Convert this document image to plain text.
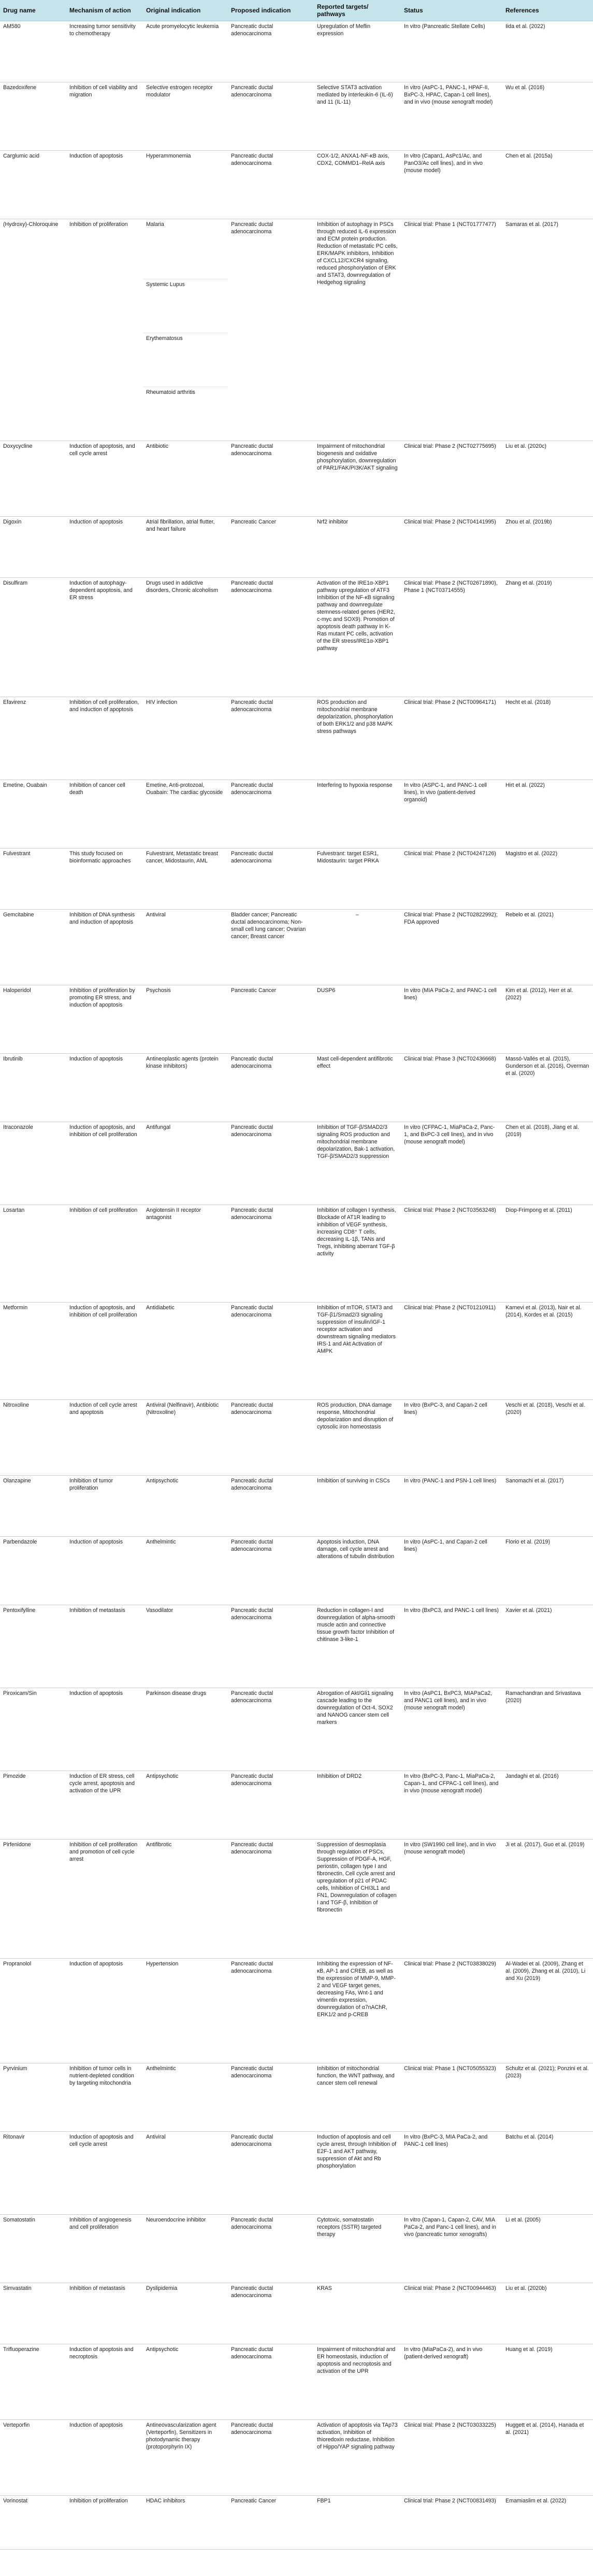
Drug name	Mechanism of action	Original indication	Proposed indication	Reported targets/ pathways	Status	References
AM580	Increasing tumor sensitivity to chemotherapy	Acute promyelocytic leukemia	Pancreatic ductal adenocarcinoma	Upregulation of Meflin expression	In vitro (Pancreatic Stellate Cells)	Iida et al. (2022)
Bazedoxifene	Inhibition of cell viability and migration	Selective estrogen receptor modulator	Pancreatic ductal adenocarcinoma	Selective STAT3 activation mediated by interleukin-6 (IL-6) and 11 (IL-11)	In vitro (AsPC-1, PANC-1, HPAF-II, BxPC-3, HPAC, Capan-1 cell lines), and in vivo (mouse xenograft model)	Wu et al. (2016)
Carglumic acid	Induction of apoptosis	Hyperammonemia	Pancreatic ductal adenocarcinoma	COX-1/2, ANXA1-NF-κB axis, CDX2, COMMD1–RelA axis	In vitro (Capan1, AsPc1/Ac, and PanO3/Ac cell lines), and in vivo (mouse model)	Chen et al. (2015a)
(Hydroxy)-Chloroquine	Inhibition of proliferation	Malaria	Pancreatic ductal adenocarcinoma	Inhibition of autophagy in PSCs through reduced IL-6 expression and ECM protein production. Reduction of metastatic PC cells, ERK/MAPK inhibitors, Inhibition of CXCL12/CXCR4 signaling, reduced phosphorylation of ERK and STAT3, downregulation of Hedgehog signaling	Clinical trial: Phase 1 (NCT01777477)	Samaras et al. (2017)
		Systemic Lupus				
		Erythematosus				
		Rheumatoid arthritis				
Doxycycline	Induction of apoptosis, and cell cycle arrest	Antibiotic	Pancreatic ductal adenocarcinoma	Impairment of mitochondrial biogenesis and oxidative phosphorylation, downregulation of PAR1/FAK/PI3K/AKT signaling	Clinical trial: Phase 2 (NCT02775695)	Liu et al. (2020c)
Digoxin	Induction of apoptosis	Atrial fibrillation, atrial flutter, and heart failure	Pancreatic Cancer	Nrf2 inhibitor	Clinical trial: Phase 2 (NCT04141995)	Zhou et al. (2019b)
Disulfiram	Induction of autophagy-dependent apoptosis, and ER stress	Drugs used in addictive disorders, Chronic alcoholism	Pancreatic ductal adenocarcinoma	Activation of the IRE1α-XBP1 pathway upregulation of ATF3 Inhibition of the NF-κB signaling pathway and downregulate stemness-related genes (HER2, c-myc and SOX9). Promotion of apoptosis death pathway in K-Ras mutant PC cells, activation of the ER stress/IRE1α-XBP1 pathway	Clinical trial: Phase 2 (NCT02671890), Phase 1 (NCT03714555)	Zhang et al. (2019)
Efavirenz	Inhibition of cell proliferation, and induction of apoptosis	HIV infection	Pancreatic ductal adenocarcinoma	ROS production and mitochondrial membrane depolarization, phosphorylation of both ERK1/2 and p38 MAPK stress pathways	Clinical trial: Phase 2 (NCT00964171)	Hecht et al. (2018)
Emetine, Ouabain	Inhibition of cancer cell death	Emetine, Anti-protozoal, Ouabain: The cardiac glycoside	Pancreatic ductal adenocarcinoma	Interfering to hypoxia response	In vitro (ASPC-1, and PANC-1 cell lines), in vivo (patient-derived organoid)	Hirt et al. (2022)
Fulvestrant	This study focused on bioinformatic approaches	Fulvestrant, Metastatic breast cancer, Midostaurin, AML	Pancreatic ductal adenocarcinoma	Fulvestrant: target ESR1, Midostaurin: target PRKA	Clinical trial: Phase 2 (NCT04247126)	Magistro et al. (2022)
Gemcitabine	Inhibition of DNA synthesis and induction of apoptosis	Antiviral	Bladder cancer; Pancreatic ductal adenocarcinoma; Non-small cell lung cancer; Ovarian cancer; Breast cancer	–	Clinical trial: Phase 2 (NCT02822992); FDA approved	Rebelo et al. (2021)
Haloperidol	Inhibition of proliferation by promoting ER stress, and induction of apoptosis	Psychosis	Pancreatic Cancer	DUSP6	In vitro (MIA PaCa-2, and PANC-1 cell lines)	Kim et al. (2012), Herr et al. (2022)
Ibrutinib	Induction of apoptosis	Antineoplastic agents (protein kinase inhibitors)	Pancreatic ductal adenocarcinoma	Mast cell-dependent antifibrotic effect	Clinical trial: Phase 3 (NCT02436668)	Massó-Vallés et al. (2015), Gunderson et al. (2016), Overman et al. (2020)
Itraconazole	Induction of apoptosis, and inhibition of cell proliferation	Antifungal	Pancreatic ductal adenocarcinoma	Inhibition of TGF-β/SMAD2/3 signaling ROS production and mitochondrial membrane depolarization, Bak-1 activation, TGF-β/SMAD2/3 suppression	In vitro (CFPAC-1, MiaPaCa-2, Panc-1, and BxPC-3 cell lines), and in vivo (mouse xenograft model)	Chen et al. (2018), Jiang et al. (2019)
Losartan	Inhibition of cell proliferation	Angiotensin II receptor antagonist	Pancreatic ductal adenocarcinoma	Inhibition of collagen I synthesis, Blockade of AT1R leading to inhibition of VEGF synthesis, increasing CD8⁺ T cells, decreasing IL-1β, TANs and Tregs, inhibiting aberrant TGF-β activity	Clinical trial: Phase 2 (NCT03563248)	Diop-Frimpong et al. (2011)
Metformin	Induction of apoptosis, and inhibition of cell proliferation	Antidiabetic	Pancreatic ductal adenocarcinoma	Inhibition of mTOR, STAT3 and TGF-β1/Smad2/3 signaling suppression of insulin/IGF-1 receptor activation and downstream signaling mediators IRS-1 and Akt Activation of AMPK	Clinical trial: Phase 2 (NCT01210911)	Karnevi et al. (2013), Nair et al. (2014), Kordes et al. (2015)
Nitroxoline	Induction of cell cycle arrest and apoptosis	Antiviral (Nelfinavir), Antibiotic (Nitroxoline)	Pancreatic ductal adenocarcinoma	ROS production, DNA damage response, Mitochondrial depolarization and disruption of cytosolic iron homeostasis	In vitro (BxPC-3, and Capan-2 cell lines)	Veschi et al. (2018), Veschi et al. (2020)
Olanzapine	Inhibition of tumor proliferation	Antipsychotic	Pancreatic ductal adenocarcinoma	Inhibition of surviving in CSCs	In vitro (PANC-1 and PSN-1 cell lines)	Sanomachi et al. (2017)
Parbendazole	Induction of apoptosis	Anthelmintic	Pancreatic ductal adenocarcinoma	Apoptosis induction, DNA damage, cell cycle arrest and alterations of tubulin distribution	In vitro (AsPC-1, and Capan-2 cell lines)	Florio et al. (2019)
Pentoxifylline	Inhibition of metastasis	Vasodilator	Pancreatic ductal adenocarcinoma	Reduction in collagen-I and downregulation of alpha-smooth muscle actin and connective tissue growth factor Inhibition of chitinase 3-like-1	In vitro (BxPC3, and PANC-1 cell lines)	Xavier et al. (2021)
Piroxicam/Sin	Induction of apoptosis	Parkinson disease drugs	Pancreatic ductal adenocarcinoma	Abrogation of Akt/Gli1 signaling cascade leading to the downregulation of Oct-4, SOX2 and NANOG cancer stem cell markers	In vitro (AsPC1, BxPC3, MIAPaCa2, and PANC1 cell lines), and in vivo (mouse xenograft model)	Ramachandran and Srivastava (2020)
Pimozide	Induction of ER stress, cell cycle arrest, apoptosis and activation of the UPR	Antipsychotic	Pancreatic ductal adenocarcinoma	Inhibition of DRD2	In vitro (BxPC-3, Panc-1, MiaPaCa-2, Capan-1, and CFPAC-1 cell lines), and in vivo (mouse xenograft model)	Jandaghi et al. (2016)
Pirfenidone	Inhibition of cell proliferation and promotion of cell cycle arrest	Antifibrotic	Pancreatic ductal adenocarcinoma	Suppression of desmoplasia through regulation of PSCs, Suppression of PDGF-A, HGF, periostin, collagen type I and fibronectin, Cell cycle arrest and upregulation of p21 of PDAC cells, Inhibition of CHI3L1 and FN1, Downregulation of collagen I and TGF-β, Inhibition of fibronectin	In vitro (SW1990 cell line), and in vivo (mouse xenograft model)	Ji et al. (2017), Guo et al. (2019)
Propranolol	Induction of apoptosis	Hypertension	Pancreatic ductal adenocarcinoma	Inhibiting the expression of NF-κB, AP-1 and CREB, as well as the expression of MMP-9, MMP-2 and VEGF target genes, decreasing FAs, Wnt-1 and vimentin expression, downregulation of α7nAChR, ERK1/2 and p-CREB	Clinical trial: Phase 2 (NCT03838029)	Al-Wadei et al. (2009), Zhang et al. (2009), Zhang et al. (2010), Li and Xu (2019)
Pyrvinium	Inhibition of tumor cells in nutrient-depleted condition by targeting mitochondria	Anthelmintic	Pancreatic ductal adenocarcinoma	Inhibition of mitochondrial function, the WNT pathway, and cancer stem cell renewal	Clinical trial: Phase 1 (NCT05055323)	Schultz et al. (2021); Ponzini et al. (2023)
Ritonavir	Induction of apoptosis and cell cycle arrest	Antiviral	Pancreatic ductal adenocarcinoma	Induction of apoptosis and cell cycle arrest, through Inhibition of E2F-1 and AKT pathway, suppression of Akt and Rb phosphorylation	In vitro (BxPC-3, MIA PaCa-2, and PANC-1 cell lines)	Batchu et al. (2014)
Somatostatin	Inhibition of angiogenesis and cell proliferation	Neuroendocrine inhibitor	Pancreatic ductal adenocarcinoma	Cytotoxic, somatostatin receptors (SSTR) targeted therapy	In vitro (Capan-1, Capan-2, CAV, MIA PaCa-2, and Panc-1 cell lines), and in vivo (pancreatic tumor xenografts)	Li et al. (2005)
Simvastatin	Inhibition of metastasis	Dyslipidemia	Pancreatic ductal adenocarcinoma	KRAS	Clinical trial: Phase 2 (NCT00944463)	Liu et al. (2020b)
Trifluoperazine	Induction of apoptosis and necroptosis	Antipsychotic	Pancreatic ductal adenocarcinoma	Impairment of mitochondrial and ER homeostasis, induction of apoptosis and necroptosis and activation of the UPR	In vitro (MiaPaCa-2), and in vivo (patient-derived xenograft)	Huang et al. (2019)
Verteporfin	Induction of apoptosis	Antineovascularization agent (Verteporfin), Sensitizers in photodynamic therapy (protoporphyrin IX)	Pancreatic ductal adenocarcinoma	Activation of apoptosis via TAp73 activation, Inhibition of thioredoxin reductase, Inhibition of Hippo/YAP signaling pathway	Clinical trial: Phase 2 (NCT03033225)	Huggett et al. (2014), Hanada et al. (2021)
Vorinostat	Inhibition of proliferation	HDAC inhibitors	Pancreatic Cancer	FBP1	Clinical trial: Phase 2 (NCT00831493)	Emamiaslim et al. (2022)
